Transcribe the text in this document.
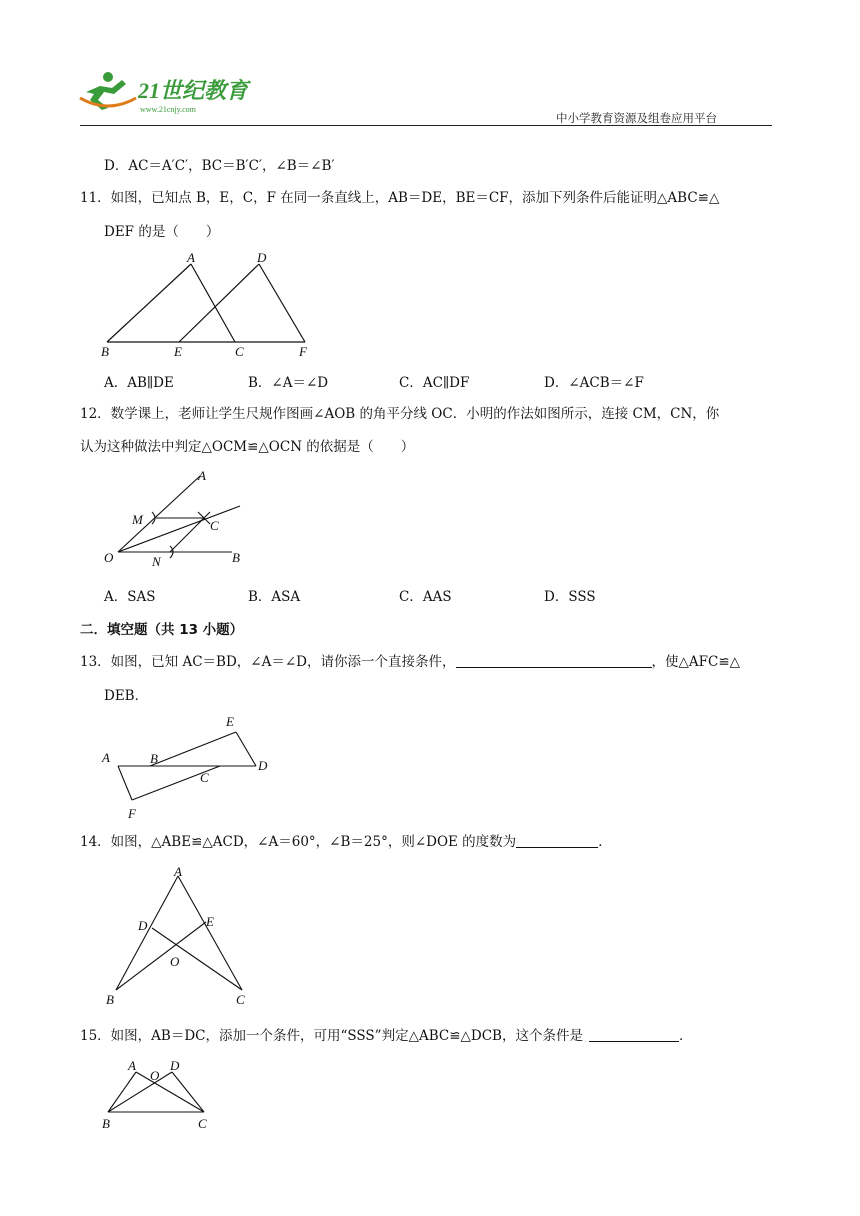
21世纪教育
www.21cnjy.com
中小学教育资源及组卷应用平台
D．AC＝A′C′，BC＝B′C′，∠B＝∠B′
11．如图，已知点 B，E，C，F 在同一条直线上，AB＝DE，BE＝CF，添加下列条件后能证明△ABC≌△
DEF 的是（　　）
A	D
B	E	C	F
A．AB∥DE	B．∠A＝∠D	C．AC∥DF	D．∠ACB＝∠F
12．数学课上，老师让学生尺规作图画∠AOB 的角平分线 OC．小明的作法如图所示，连接 CM，CN，你
认为这种做法中判定△OCM≌△OCN 的依据是（　　）
A
M	C
O	N	B
A．SAS	B．ASA	C．AAS	D．SSS
二．填空题（共 13 小题）
13．如图，已知 AC＝BD，∠A＝∠D，请你添一个直接条件，	，使△AFC≌△
DEB．
E
A	B	D
C
F
14．如图，△ABE≌△ACD，∠A＝60°，∠B＝25°，则∠DOE 的度数为	．
A
D	E
O
B	C
15．如图，AB＝DC，添加一个条件，可用“SSS”判定△ABC≌△DCB，这个条件是	．
A
O
D
B	C
